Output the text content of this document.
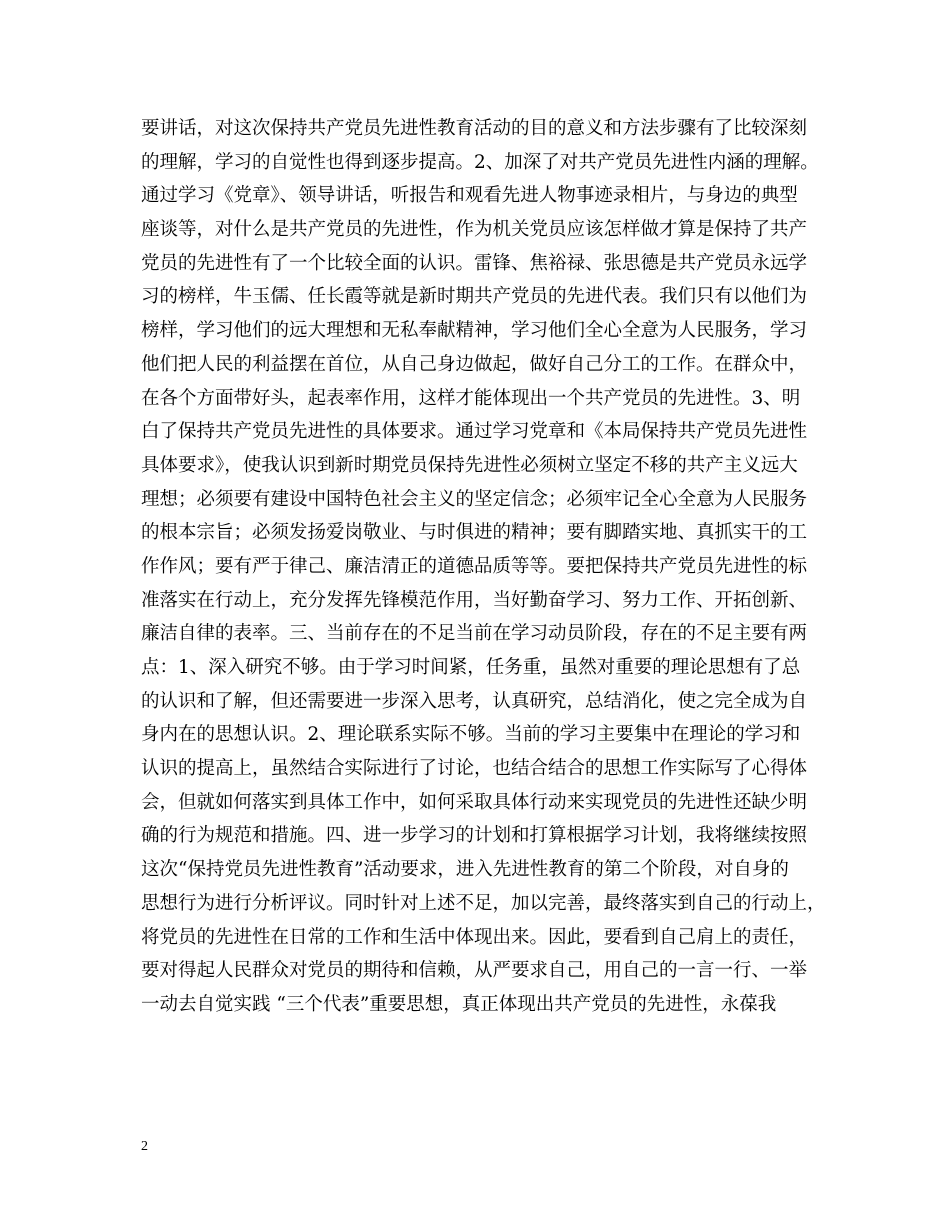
要讲话，对这次保持共产党员先进性教育活动的目的意义和方法步骤有了比较深刻
的理解，学习的自觉性也得到逐步提高。2、加深了对共产党员先进性内涵的理解。
通过学习《党章》、领导讲话，听报告和观看先进人物事迹录相片，与身边的典型
座谈等，对什么是共产党员的先进性，作为机关党员应该怎样做才算是保持了共产
党员的先进性有了一个比较全面的认识。雷锋、焦裕禄、张思德是共产党员永远学
习的榜样，牛玉儒、任长霞等就是新时期共产党员的先进代表。我们只有以他们为
榜样，学习他们的远大理想和无私奉献精神，学习他们全心全意为人民服务，学习
他们把人民的利益摆在首位，从自己身边做起，做好自己分工的工作。在群众中，
在各个方面带好头，起表率作用，这样才能体现出一个共产党员的先进性。3、明
白了保持共产党员先进性的具体要求。通过学习党章和《本局保持共产党员先进性
具体要求》，使我认识到新时期党员保持先进性必须树立坚定不移的共产主义远大
理想；必须要有建设中国特色社会主义的坚定信念；必须牢记全心全意为人民服务
的根本宗旨；必须发扬爱岗敬业、与时俱进的精神；要有脚踏实地、真抓实干的工
作作风；要有严于律己、廉洁清正的道德品质等等。要把保持共产党员先进性的标
准落实在行动上，充分发挥先锋模范作用，当好勤奋学习、努力工作、开拓创新、
廉洁自律的表率。三、当前存在的不足当前在学习动员阶段，存在的不足主要有两
点：1、深入研究不够。由于学习时间紧，任务重，虽然对重要的理论思想有了总
的认识和了解，但还需要进一步深入思考，认真研究，总结消化，使之完全成为自
身内在的思想认识。2、理论联系实际不够。当前的学习主要集中在理论的学习和
认识的提高上，虽然结合实际进行了讨论，也结合结合的思想工作实际写了心得体
会，但就如何落实到具体工作中，如何采取具体行动来实现党员的先进性还缺少明
确的行为规范和措施。四、进一步学习的计划和打算根据学习计划，我将继续按照
这次“保持党员先进性教育”活动要求，进入先进性教育的第二个阶段，对自身的
思想行为进行分析评议。同时针对上述不足，加以完善，最终落实到自己的行动上，
将党员的先进性在日常的工作和生活中体现出来。因此，要看到自己肩上的责任，
要对得起人民群众对党员的期待和信赖，从严要求自己，用自己的一言一行、一举
一动去自觉实践 “三个代表”重要思想，真正体现出共产党员的先进性，永葆我
2
